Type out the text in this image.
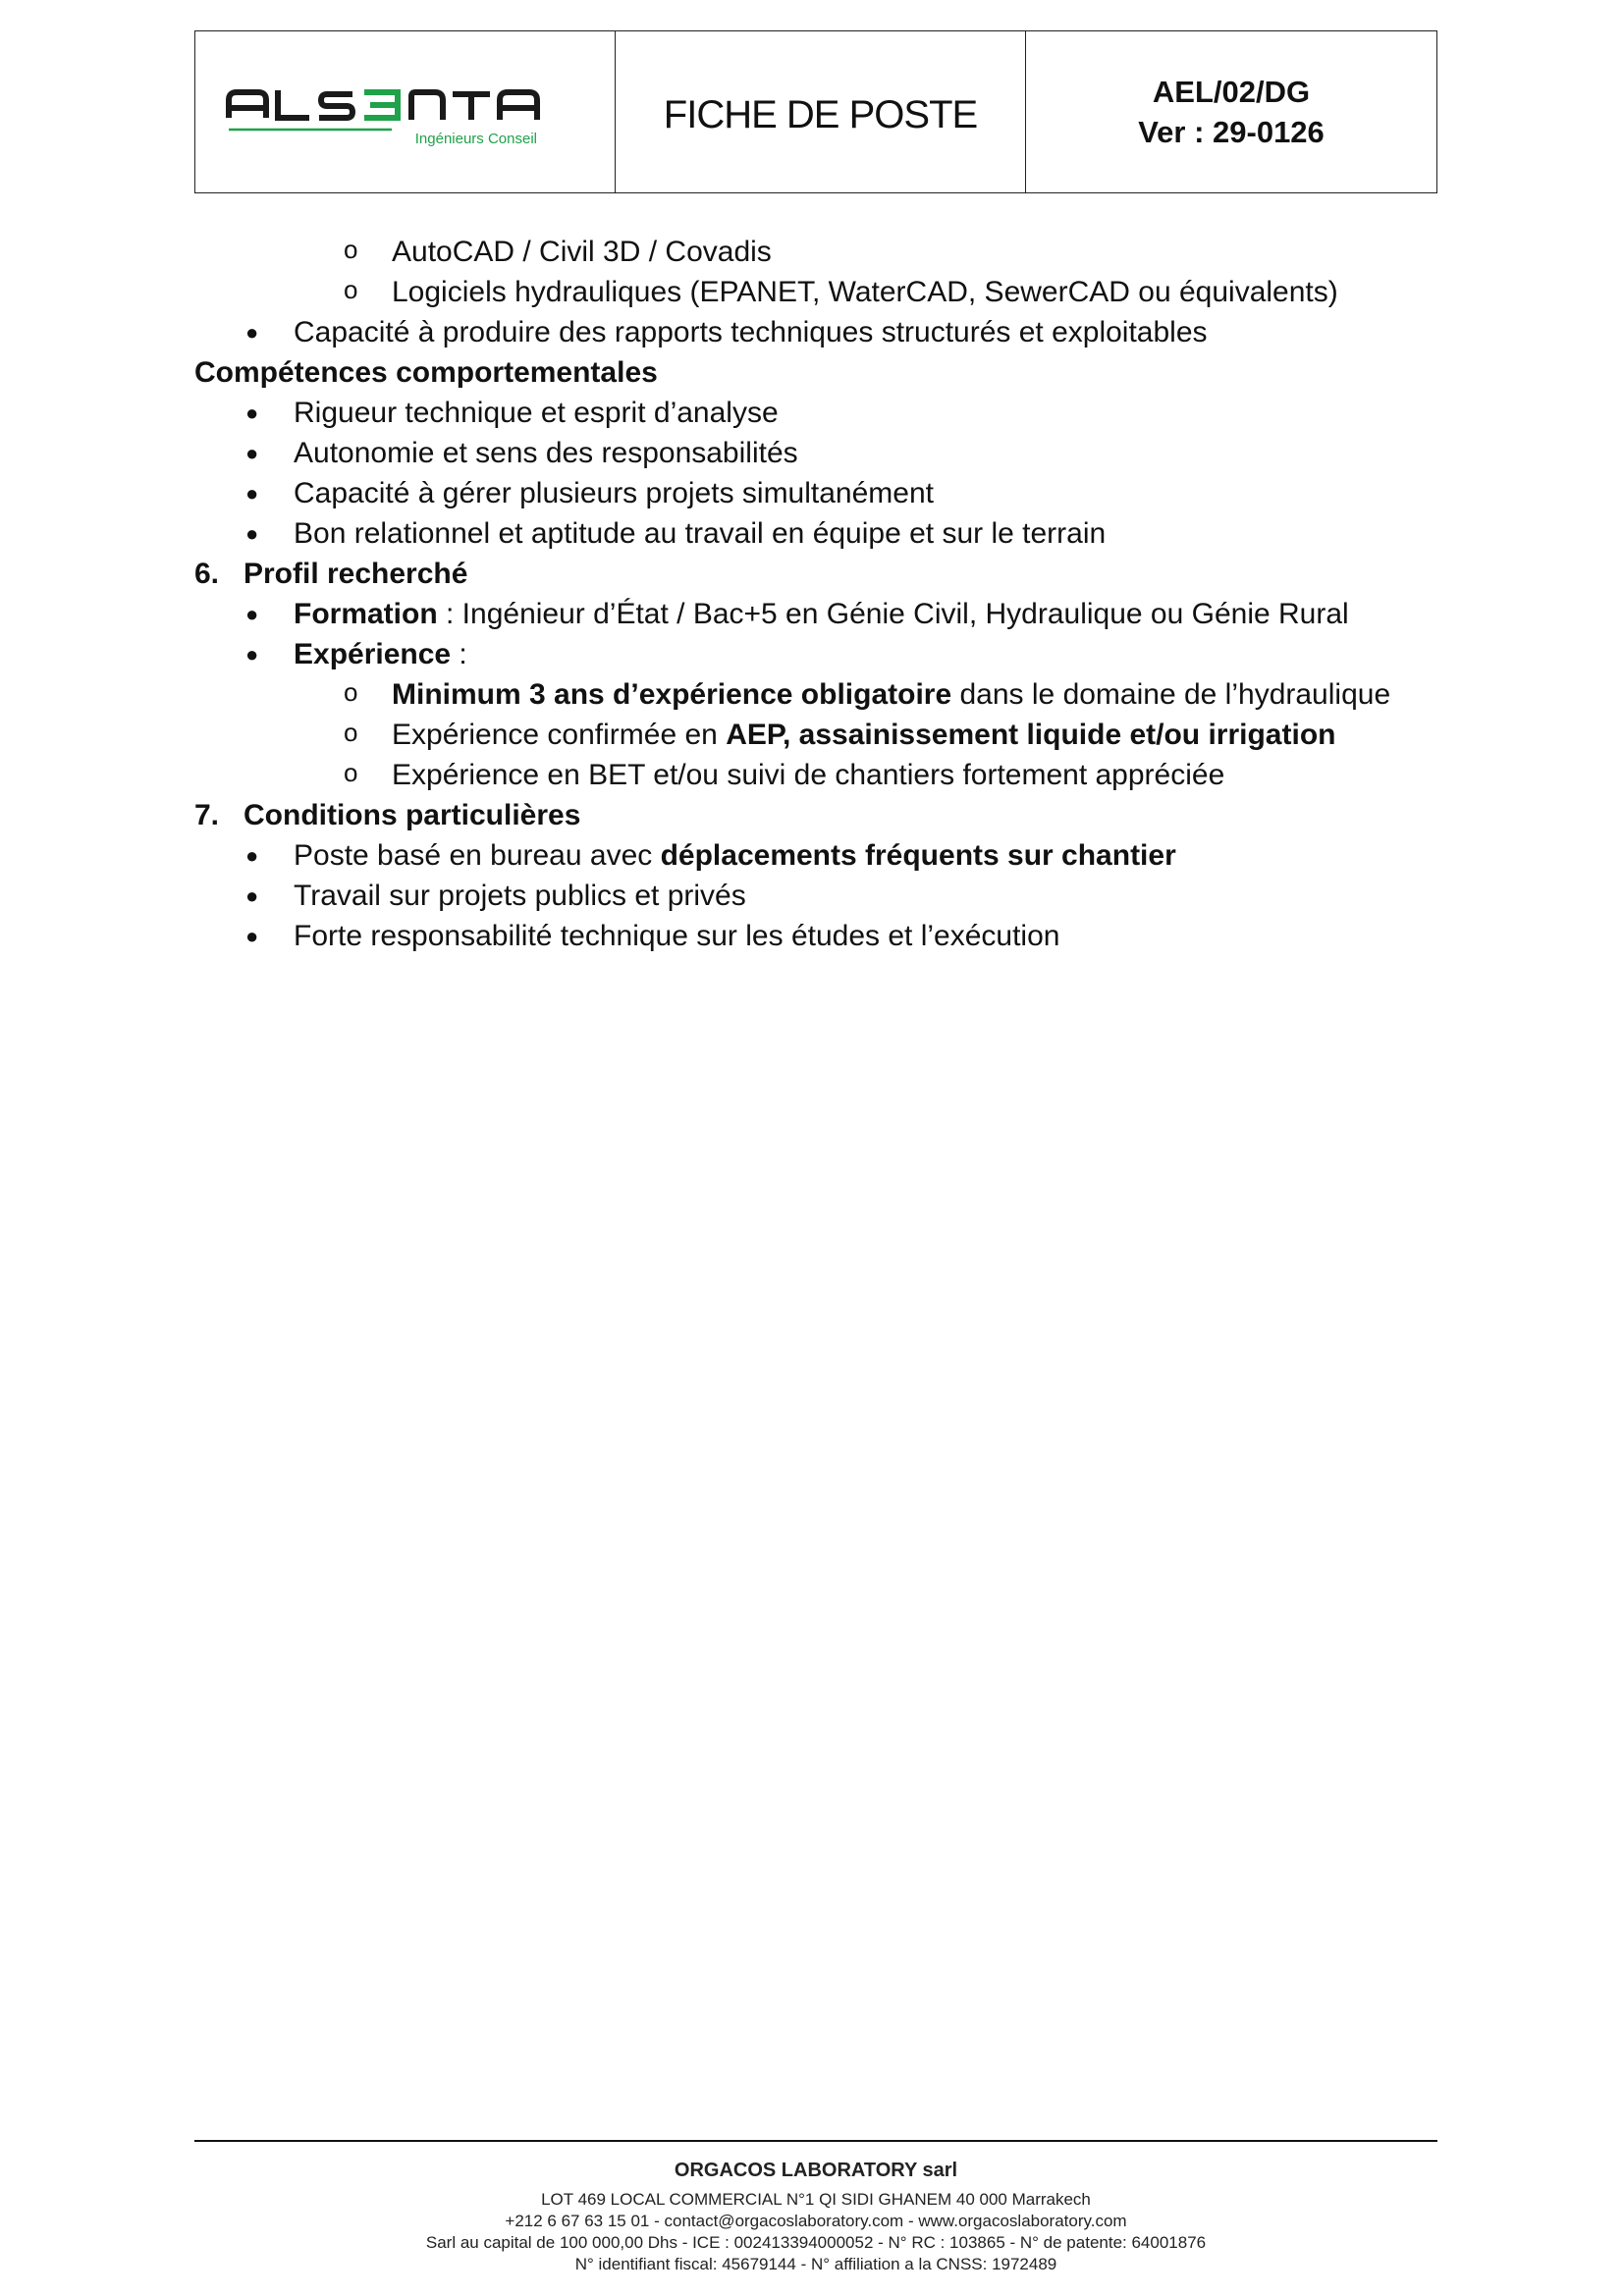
Ingénieurs Conseil
FICHE DE POSTE
AEL/02/DG
Ver : 29-0126
o AutoCAD / Civil 3D / Covadis
o Logiciels hydrauliques (EPANET, WaterCAD, SewerCAD ou équivalents)
● Capacité à produire des rapports techniques structurés et exploitables
Compétences comportementales
● Rigueur technique et esprit d’analyse
● Autonomie et sens des responsabilités
● Capacité à gérer plusieurs projets simultanément
● Bon relationnel et aptitude au travail en équipe et sur le terrain
6. Profil recherché
● Formation : Ingénieur d’État / Bac+5 en Génie Civil, Hydraulique ou Génie Rural
● Expérience :
o Minimum 3 ans d’expérience obligatoire dans le domaine de l’hydraulique
o Expérience confirmée en AEP, assainissement liquide et/ou irrigation
o Expérience en BET et/ou suivi de chantiers fortement appréciée
7. Conditions particulières
● Poste basé en bureau avec déplacements fréquents sur chantier
● Travail sur projets publics et privés
● Forte responsabilité technique sur les études et l’exécution
ORGACOS LABORATORY sarl
LOT 469 LOCAL COMMERCIAL N°1 QI SIDI GHANEM 40 000 Marrakech
+212 6 67 63 15 01 - contact@orgacoslaboratory.com - www.orgacoslaboratory.com
Sarl au capital de 100 000,00 Dhs - ICE : 002413394000052 - N° RC : 103865 - N° de patente: 64001876
N° identifiant fiscal: 45679144 - N° affiliation a la CNSS: 1972489
